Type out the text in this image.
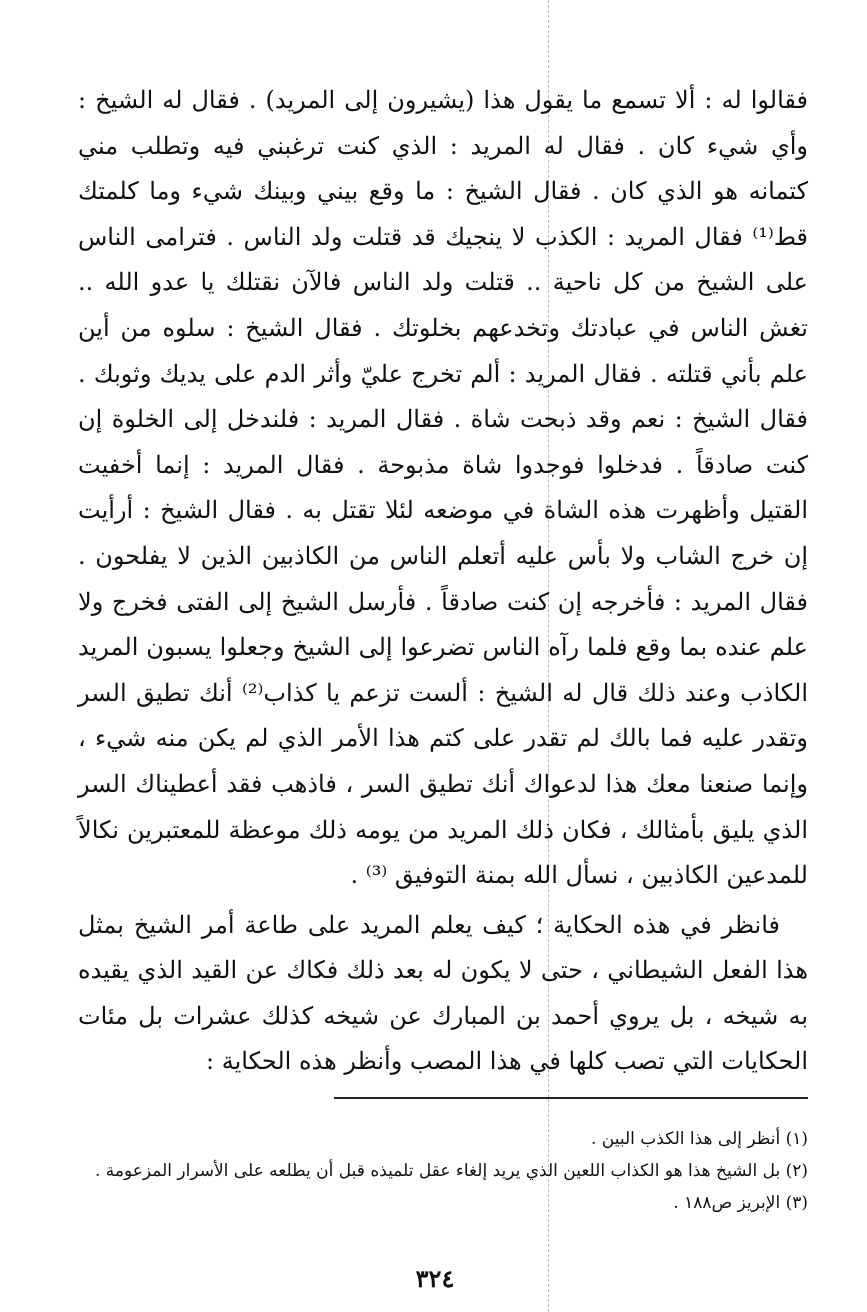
فقالوا له : ألا تسمع ما يقول هذا (يشيرون إلى المريد) . فقال له الشيخ : وأي شيء كان . فقال له المريد : الذي كنت ترغبني فيه وتطلب مني كتمانه هو الذي كان . فقال الشيخ : ما وقع بيني وبينك شيء وما كلمتك قط⁽¹⁾ فقال المريد : الكذب لا ينجيك قد قتلت ولد الناس . فترامى الناس على الشيخ من كل ناحية .. قتلت ولد الناس فالآن نقتلك يا عدو الله .. تغش الناس في عبادتك وتخدعهم بخلوتك . فقال الشيخ : سلوه من أين علم بأني قتلته . فقال المريد : ألم تخرج عليّ وأثر الدم على يديك وثوبك . فقال الشيخ : نعم وقد ذبحت شاة . فقال المريد : فلندخل إلى الخلوة إن كنت صادقاً . فدخلوا فوجدوا شاة مذبوحة . فقال المريد : إنما أخفيت القتيل وأظهرت هذه الشاة في موضعه لئلا تقتل به . فقال الشيخ : أرأيت إن خرج الشاب ولا بأس عليه أتعلم الناس من الكاذبين الذين لا يفلحون . فقال المريد : فأخرجه إن كنت صادقاً . فأرسل الشيخ إلى الفتى فخرج ولا علم عنده بما وقع فلما رآه الناس تضرعوا إلى الشيخ وجعلوا يسبون المريد الكاذب وعند ذلك قال له الشيخ : ألست تزعم يا كذاب⁽²⁾ أنك تطيق السر وتقدر عليه فما بالك لم تقدر على كتم هذا الأمر الذي لم يكن منه شيء ، وإنما صنعنا معك هذا لدعواك أنك تطيق السر ، فاذهب فقد أعطيناك السر الذي يليق بأمثالك ، فكان ذلك المريد من يومه ذلك موعظة للمعتبرين نكالاً للمدعين الكاذبين ، نسأل الله بمنة التوفيق ⁽³⁾ .

فانظر في هذه الحكاية ؛ كيف يعلم المريد على طاعة أمر الشيخ بمثل هذا الفعل الشيطاني ، حتى لا يكون له بعد ذلك فكاك عن القيد الذي يقيده به شيخه ، بل يروي أحمد بن المبارك عن شيخه كذلك عشرات بل مئات الحكايات التي تصب كلها في هذا المصب وأنظر هذه الحكاية :

(١) أنظر إلى هذا الكذب البين .

(٢) بل الشيخ هذا هو الكذاب اللعين الذي يريد إلغاء عقل تلميذه قبل أن يطلعه على الأسرار المزعومة .

(٣) الإبريز ص١٨٨ .

٣٢٤
